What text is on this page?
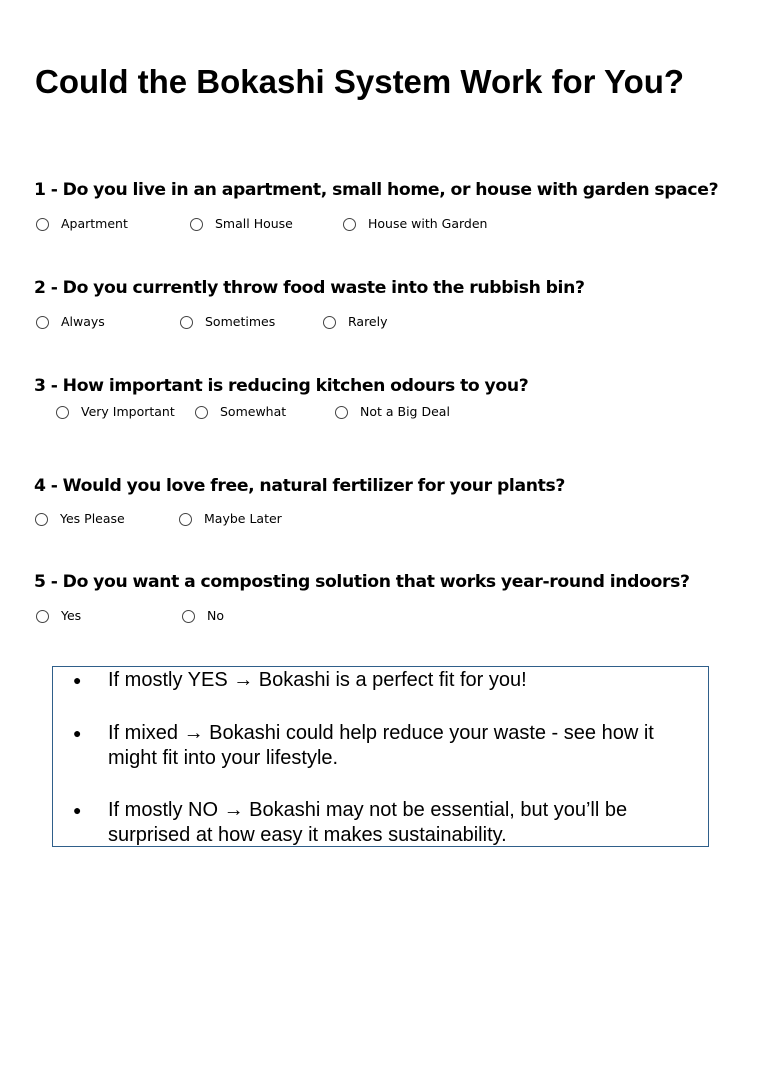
Could the Bokashi System Work for You?

1 - Do you live in an apartment, small home, or house with garden space?

Apartment	Small House	House with Garden

2 - Do you currently throw food waste into the rubbish bin?

Always	Sometimes	Rarely

3 - How important is reducing kitchen odours to you?

Very Important	Somewhat	Not a Big Deal

4 - Would you love free, natural fertilizer for your plants?

Yes Please	Maybe Later

5 - Do you want a composting solution that works year-round indoors?

Yes	No
● If mostly YES → Bokashi is a perfect fit for you!
● If mixed → Bokashi could help reduce your waste - see how it might fit into your lifestyle.
● If mostly NO → Bokashi may not be essential, but you’ll be surprised at how easy it makes sustainability.
